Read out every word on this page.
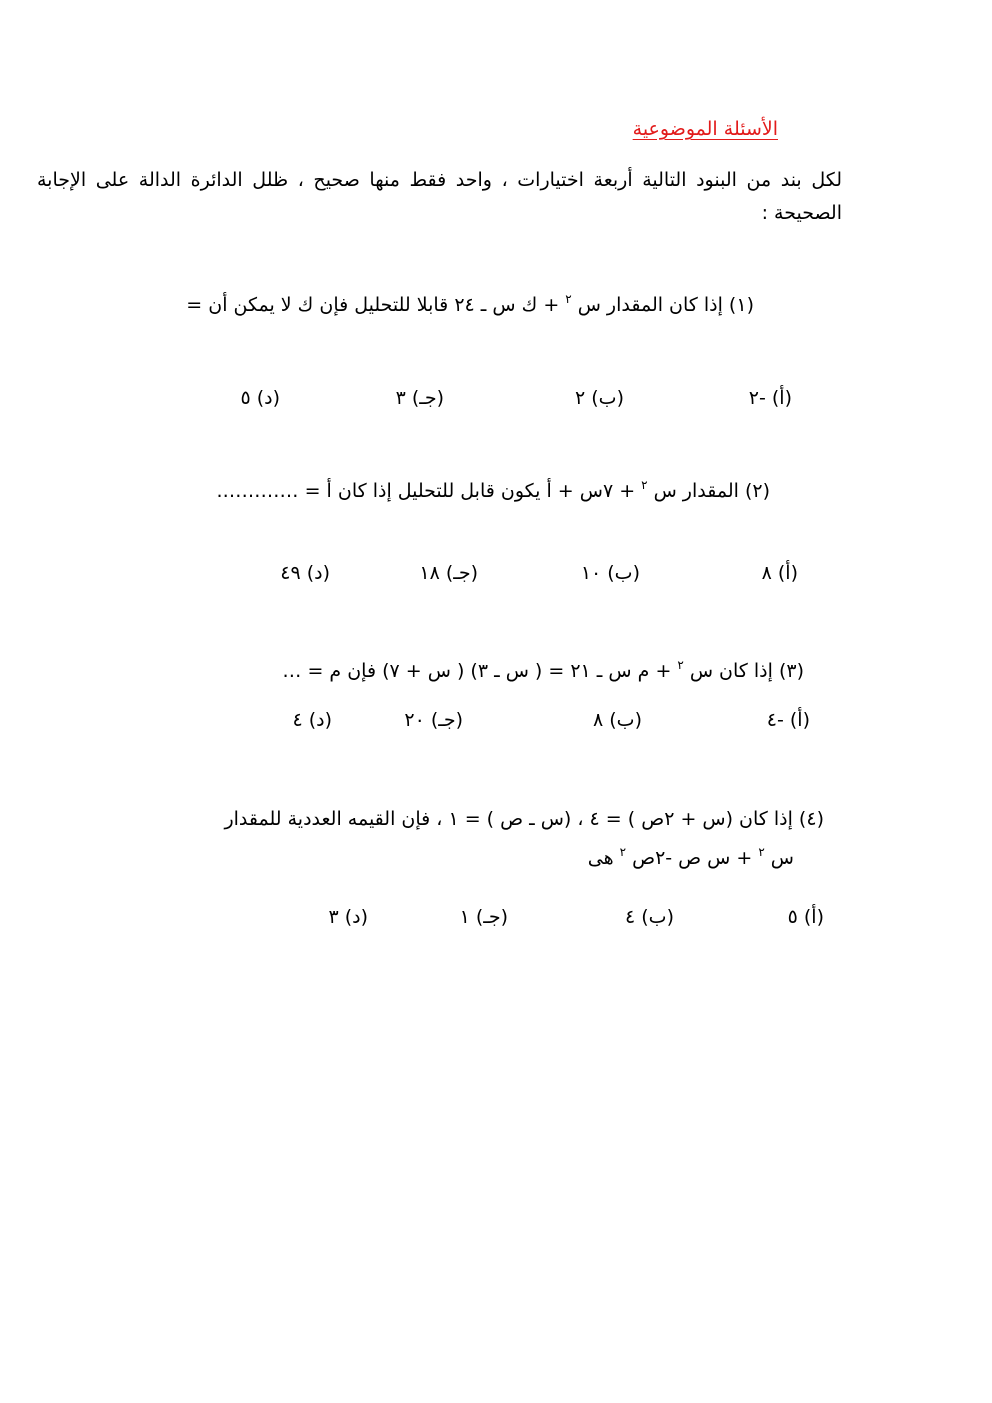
الأسئلة الموضوعية
لكل بند من البنود التالية أربعة اختيارات ، واحد فقط منها صحيح ، ظلل الدائرة الدالة على الإجابة الصحيحة :
(١) إذا كان المقدار س$^٢$+ ك س ـ ٢٤ قابلا للتحليل فإن ك لا يمكن أن =
(أ) -٢
(ب) ٢
(جـ) ٣
(د) ٥
(٢) المقدار س$^٢$+ ٧س + أ يكون قابل للتحليل إذا كان أ = ………….
(أ) ٨
(ب) ١٠
(جـ) ١٨
(د) ٤٩
(٣) إذا كان س$^٢$+ م س ـ ٢١ = ( س ـ ٣) ( س + ٧) فإن م = …
(أ) -٤
(ب) ٨
(جـ) ٢٠
(د) ٤
(٤) إذا كان (س + ٢ص ) = ٤ ، (س ـ ص ) = ١ ، فإن القيمه العددية للمقدار
س$^٢$+ س ص -٢ص$^٢$هى
(أ) ٥
(ب) ٤
(جـ) ١
(د) ٣
